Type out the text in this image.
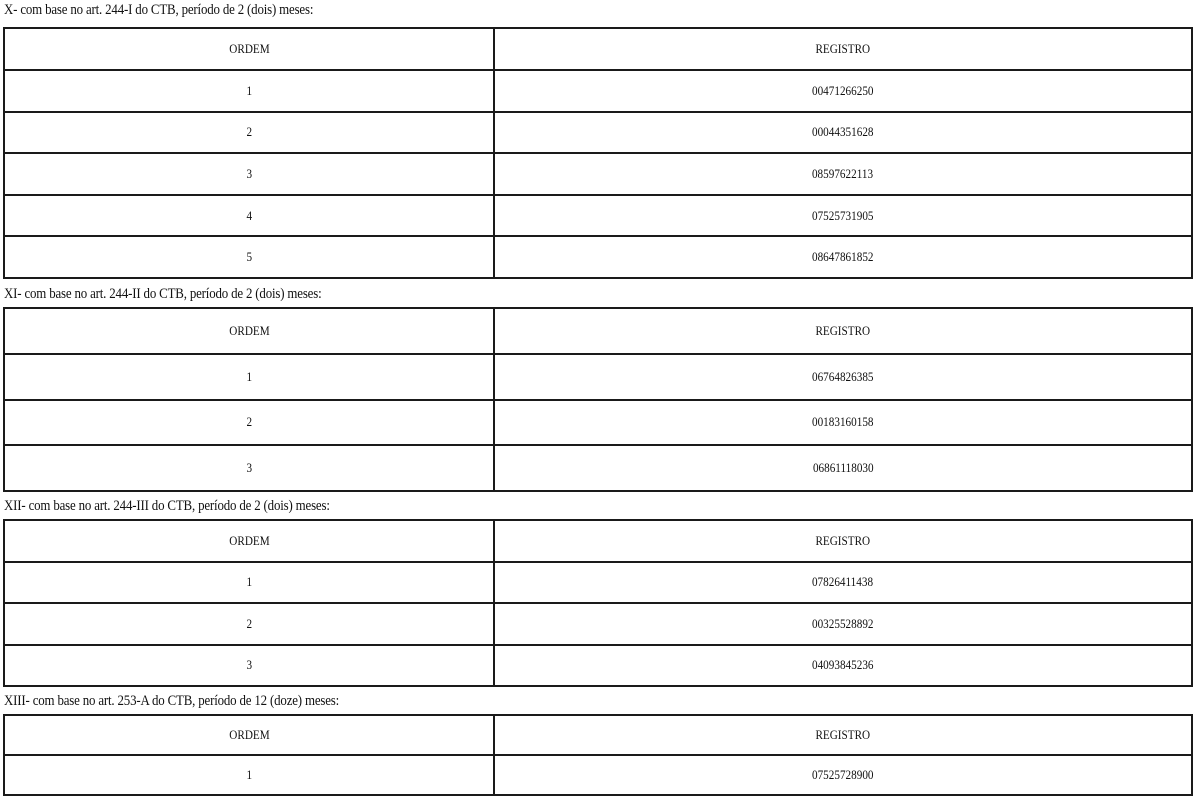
X- com base no art. 244-I do CTB, período de 2 (dois) meses:
ORDEM	REGISTRO
1	00471266250
2	00044351628
3	08597622113
4	07525731905
5	08647861852
XI- com base no art. 244-II do CTB, período de 2 (dois) meses:
ORDEM	REGISTRO
1	06764826385
2	00183160158
3	06861118030
XII- com base no art. 244-III do CTB, período de 2 (dois) meses:
ORDEM	REGISTRO
1	07826411438
2	00325528892
3	04093845236
XIII- com base no art. 253-A do CTB, período de 12 (doze) meses:
ORDEM	REGISTRO
1	07525728900
